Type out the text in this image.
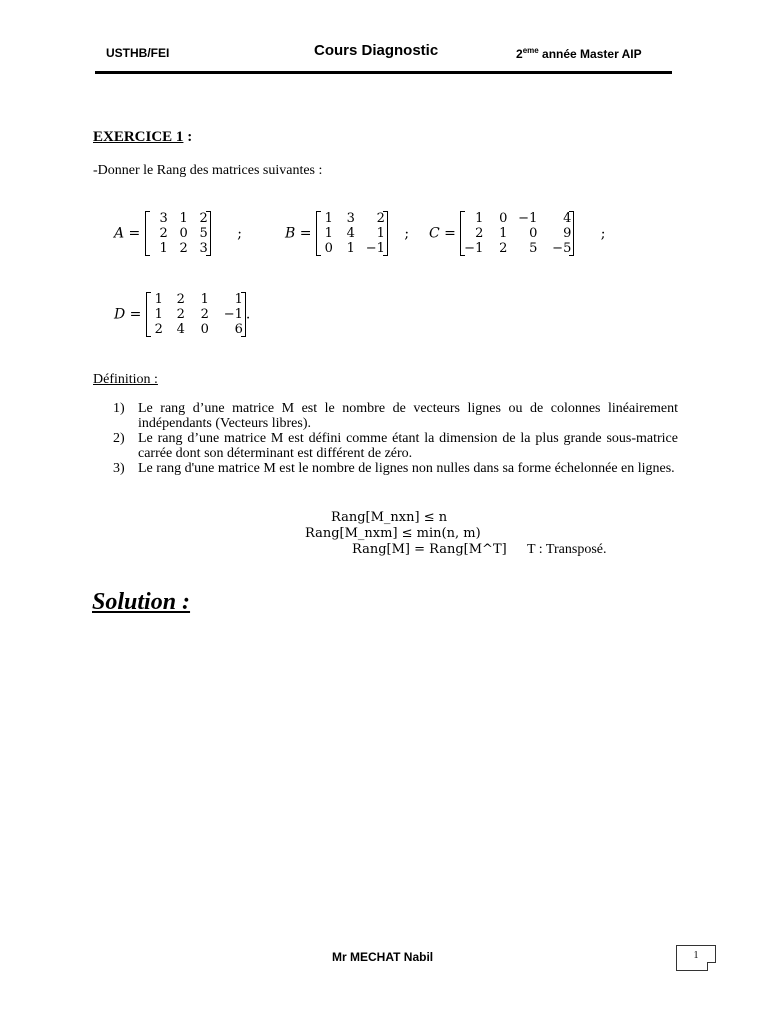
USTHB/FEI	Cours Diagnostic	2eme année Master AIP
EXERCICE 1 :
-Donner le Rang des matrices suivantes :
A =
3 1 2
2 0 5
1 2 3
;	B =
1	3	2
1	4	1
0	1 −1
; C =
1	0 −1	4
2	1	0	9
−1	2	5	−5
;
D =
1	2	1	1
1	2	2	−1
2	4	0	6
.
Définition :
1) Le rang d’une matrice M est le nombre de vecteurs lignes ou de colonnes linéairement indépendants (Vecteurs libres).
2) Le rang d’une matrice M est défini comme étant la dimension de la plus grande sous-matrice carrée dont son déterminant est différent de zéro.
3) Le rang d'une matrice M est le nombre de lignes non nulles dans sa forme échelonnée en lignes.
Rang[M_nxn] ≤ n
Rang[M_nxm] ≤ min(n, m)
Rang[M] = Rang[M^T] T : Transposé.
Solution :
Mr MECHAT Nabil	1
